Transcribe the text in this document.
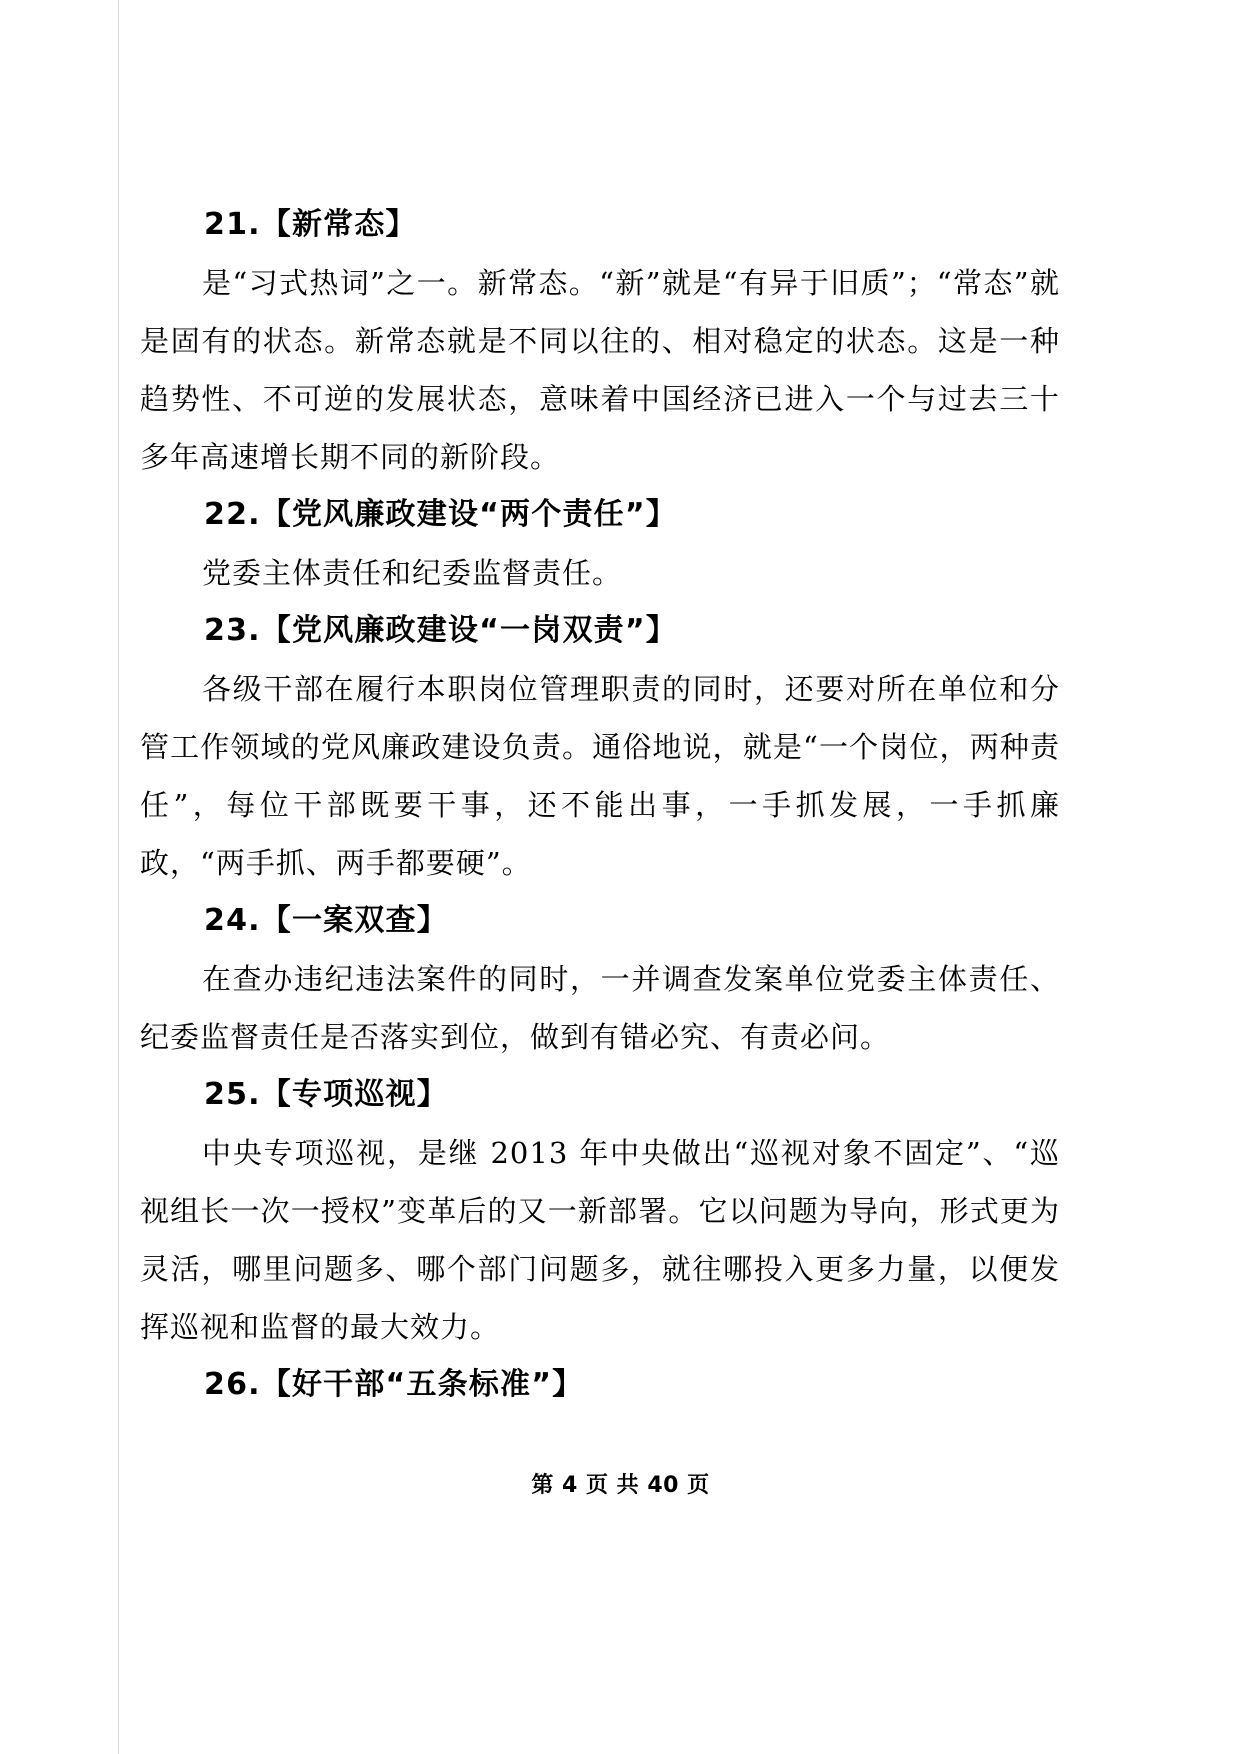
21.【新常态】

是“习式热词”之一。新常态。“新”就是“有异于旧质”；“常态”就是固有的状态。新常态就是不同以往的、相对稳定的状态。这是一种趋势性、不可逆的发展状态，意味着中国经济已进入一个与过去三十多年高速增长期不同的新阶段。

22.【党风廉政建设“两个责任”】

党委主体责任和纪委监督责任。

23.【党风廉政建设“一岗双责”】

各级干部在履行本职岗位管理职责的同时，还要对所在单位和分管工作领域的党风廉政建设负责。通俗地说，就是“一个岗位，两种责任”，每位干部既要干事，还不能出事，一手抓发展，一手抓廉政，“两手抓、两手都要硬”。

24.【一案双查】

在查办违纪违法案件的同时，一并调查发案单位党委主体责任、纪委监督责任是否落实到位，做到有错必究、有责必问。

25.【专项巡视】

中央专项巡视，是继 2013 年中央做出“巡视对象不固定”、“巡视组长一次一授权”变革后的又一新部署。它以问题为导向，形式更为灵活，哪里问题多、哪个部门问题多，就往哪投入更多力量，以便发挥巡视和监督的最大效力。

26.【好干部“五条标准”】

第 4 页 共 40 页
